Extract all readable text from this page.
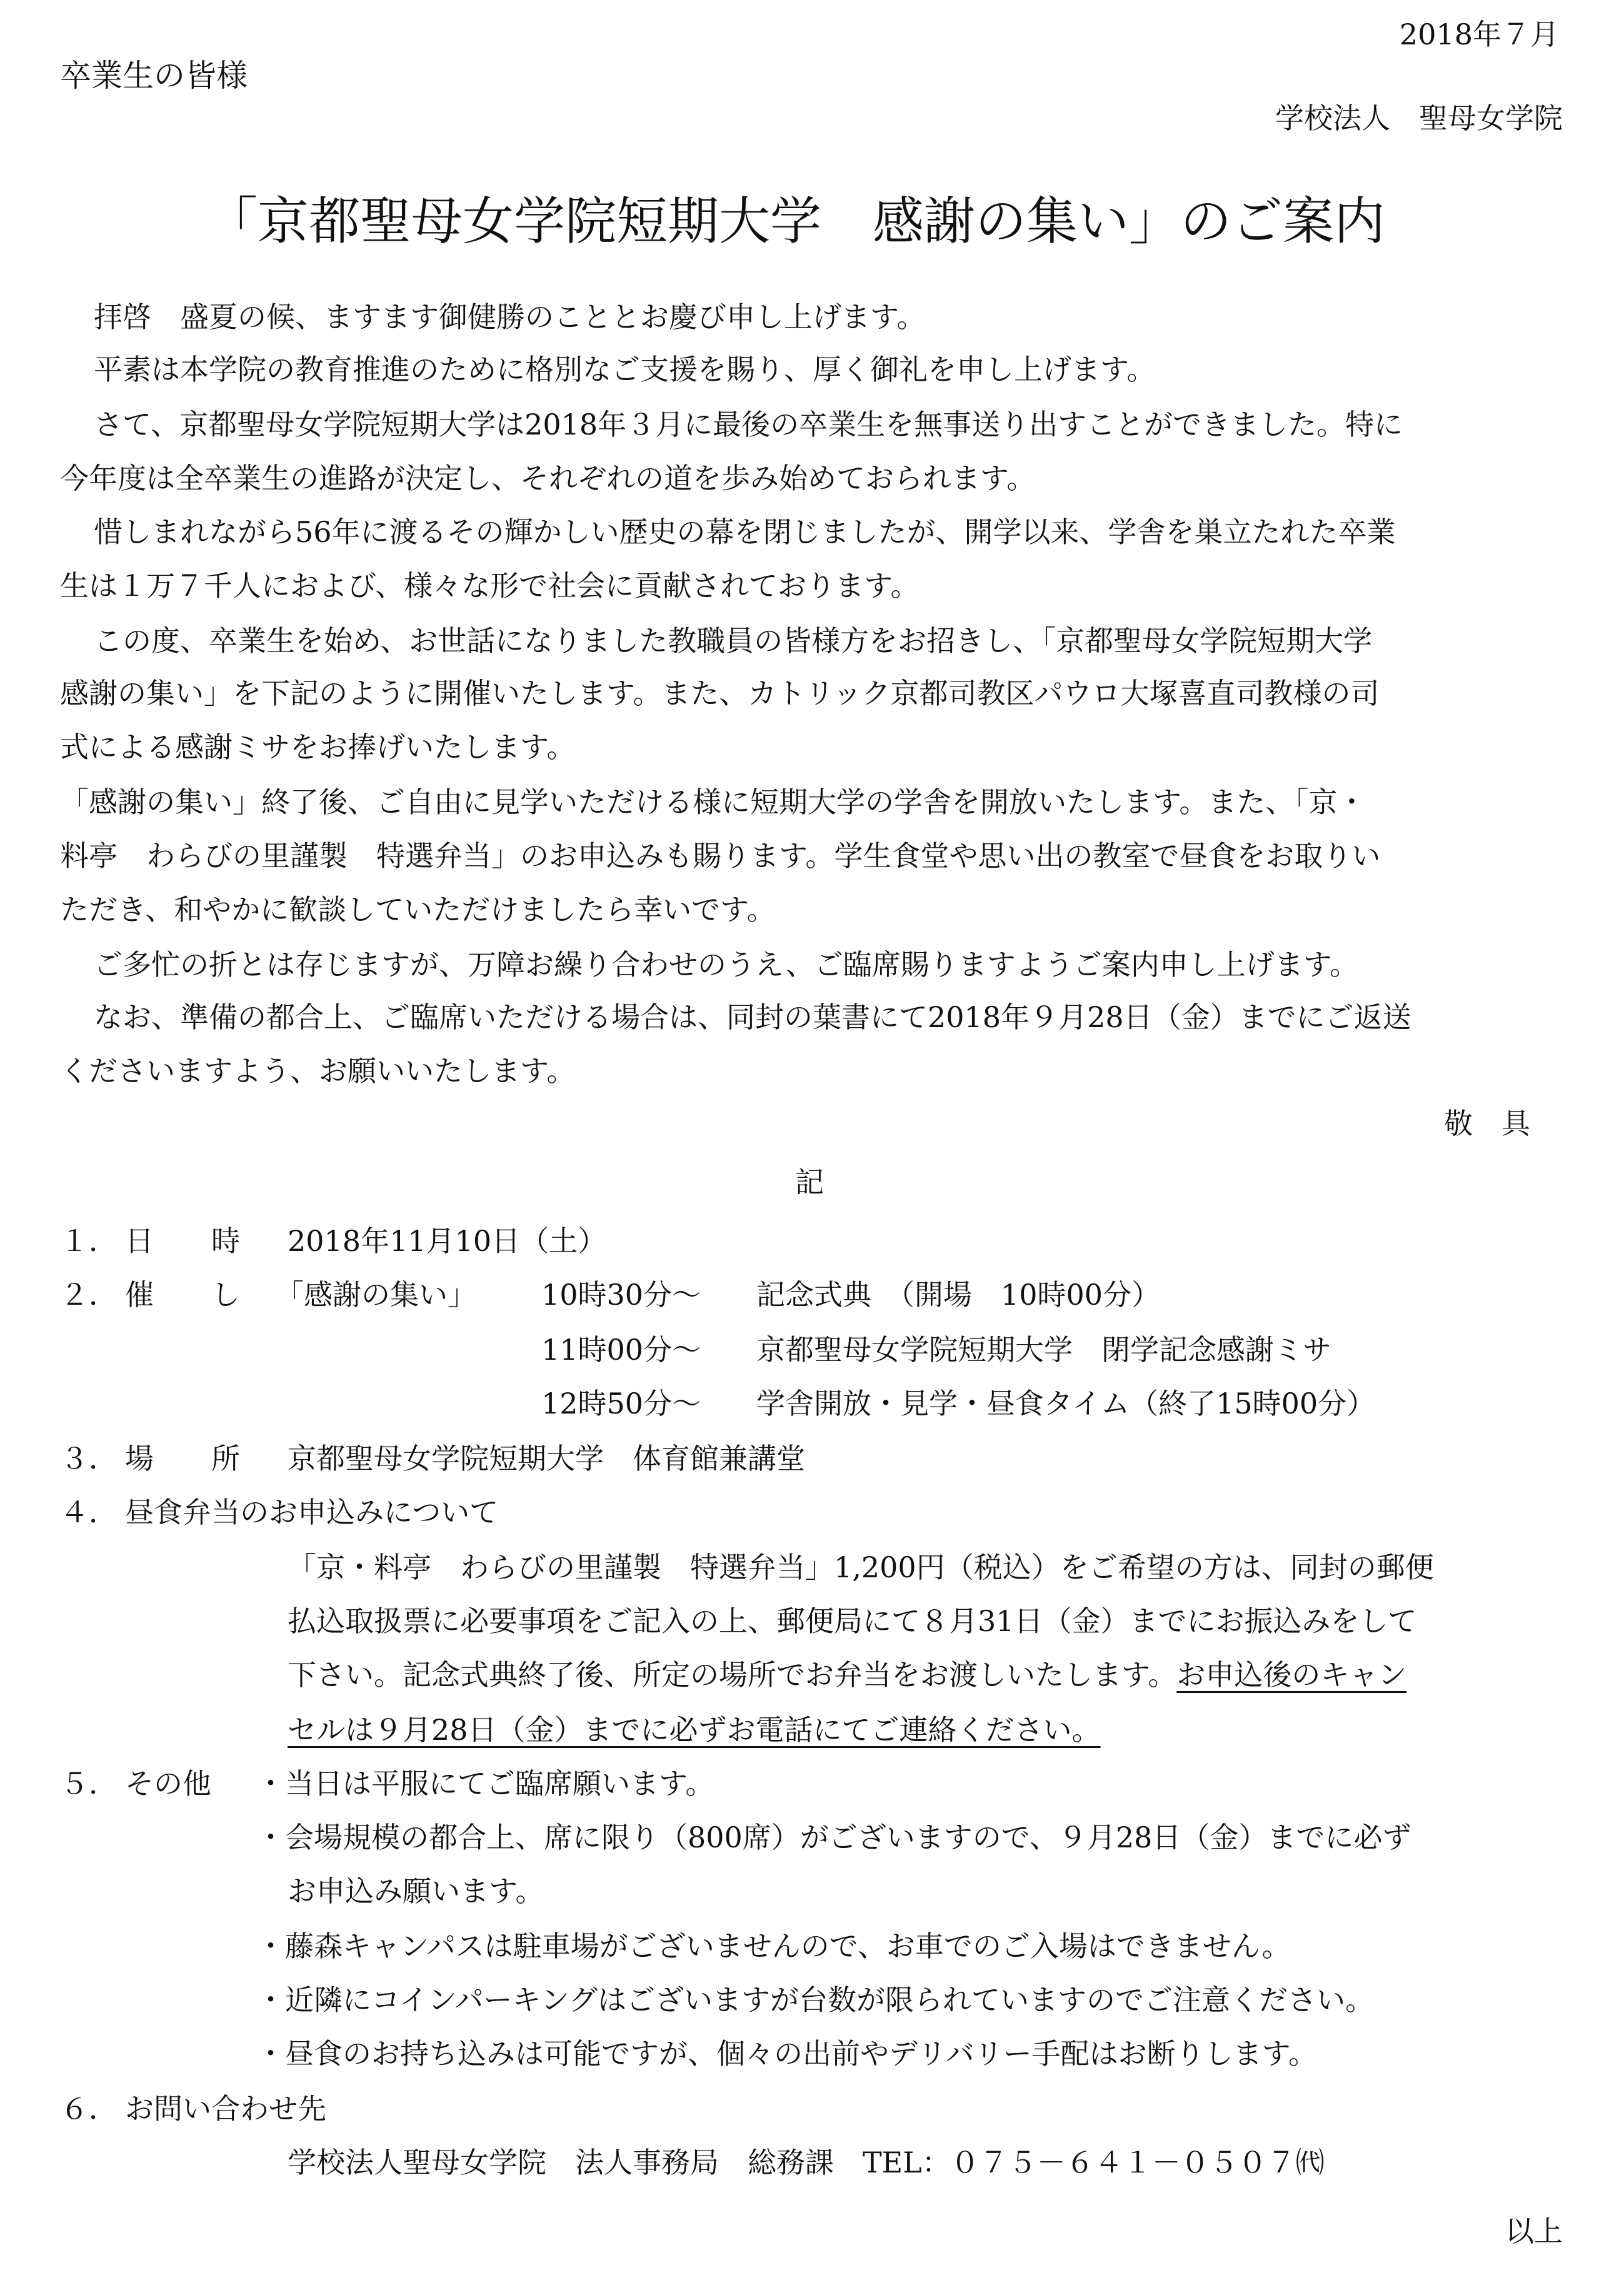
2018年７月
卒業生の皆様
学校法人　聖母女学院
「京都聖母女学院短期大学　感謝の集い」のご案内
拝啓　盛夏の候、ますます御健勝のこととお慶び申し上げます。
平素は本学院の教育推進のために格別なご支援を賜り、厚く御礼を申し上げます。
さて、京都聖母女学院短期大学は2018年３月に最後の卒業生を無事送り出すことができました。特に
今年度は全卒業生の進路が決定し、それぞれの道を歩み始めておられます。
惜しまれながら56年に渡るその輝かしい歴史の幕を閉じましたが、開学以来、学舎を巣立たれた卒業
生は１万７千人におよび、様々な形で社会に貢献されております。
この度、卒業生を始め、お世話になりました教職員の皆様方をお招きし、「京都聖母女学院短期大学
感謝の集い」を下記のように開催いたします。また、カトリック京都司教区パウロ大塚喜直司教様の司
式による感謝ミサをお捧げいたします。
「感謝の集い」終了後、ご自由に見学いただける様に短期大学の学舎を開放いたします。また、「京・
料亭　わらびの里謹製　特選弁当」のお申込みも賜ります。学生食堂や思い出の教室で昼食をお取りい
ただき、和やかに歓談していただけましたら幸いです。
ご多忙の折とは存じますが、万障お繰り合わせのうえ、ご臨席賜りますようご案内申し上げます。
なお、準備の都合上、ご臨席いただける場合は、同封の葉書にて2018年９月28日（金）までにご返送
くださいますよう、お願いいたします。
敬　具
記
１． 日　　時 2018年11月10日（土）
２． 催　　し 「感謝の集い」 10時30分～ 記念式典　（開場　10時00分）
11時00分～ 京都聖母女学院短期大学　閉学記念感謝ミサ
12時50分～ 学舎開放・見学・昼食タイム（終了15時00分）
３． 場　　所 京都聖母女学院短期大学　体育館兼講堂
４． 昼食弁当のお申込みについて
「京・料亭　わらびの里謹製　特選弁当」1,200円（税込）をご希望の方は、同封の郵便
払込取扱票に必要事項をご記入の上、郵便局にて８月31日（金）までにお振込みをして
下さい。記念式典終了後、所定の場所でお弁当をお渡しいたします。お申込後のキャン
セルは９月28日（金）までに必ずお電話にてご連絡ください。
５． その他 ・当日は平服にてご臨席願います。
・会場規模の都合上、席に限り（800席）がございますので、９月28日（金）までに必ず
お申込み願います。
・藤森キャンパスは駐車場がございませんので、お車でのご入場はできません。
・近隣にコインパーキングはございますが台数が限られていますのでご注意ください。
・昼食のお持ち込みは可能ですが、個々の出前やデリバリー手配はお断りします。
６． お問い合わせ先
学校法人聖母女学院　法人事務局　総務課　TEL：０７５－６４１－０５０７㈹
以上
